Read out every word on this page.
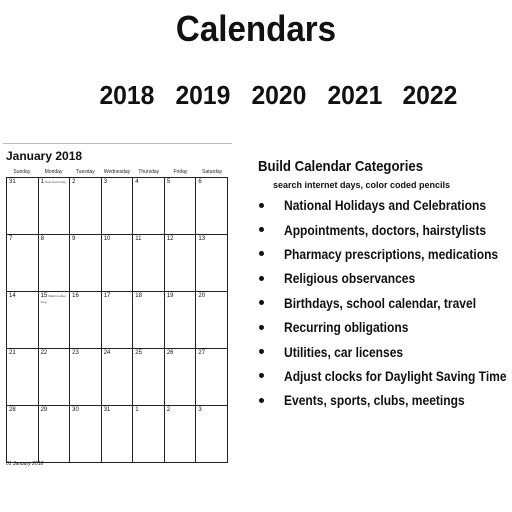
Calendars
2018 2019 2020 2021 2022
January 2018
Sunday	Monday	Tuesday	Wednesday	Thursday	Friday	Saturday
31	1New Year's Day	2	3	4	5	6
7	8	9	10	11	12	13
14	15Martin Luther King	16	17	18	19	20
21	22	23	24	25	26	27
28	29	30	31	1	2	3
01 January 2018
Build Calendar Categories
search internet days, color coded pencils
National Holidays and Celebrations
Appointments, doctors, hairstylists
Pharmacy prescriptions, medications
Religious observances
Birthdays, school calendar, travel
Recurring obligations
Utilities, car licenses
Adjust clocks for Daylight Saving Time
Events, sports, clubs, meetings
